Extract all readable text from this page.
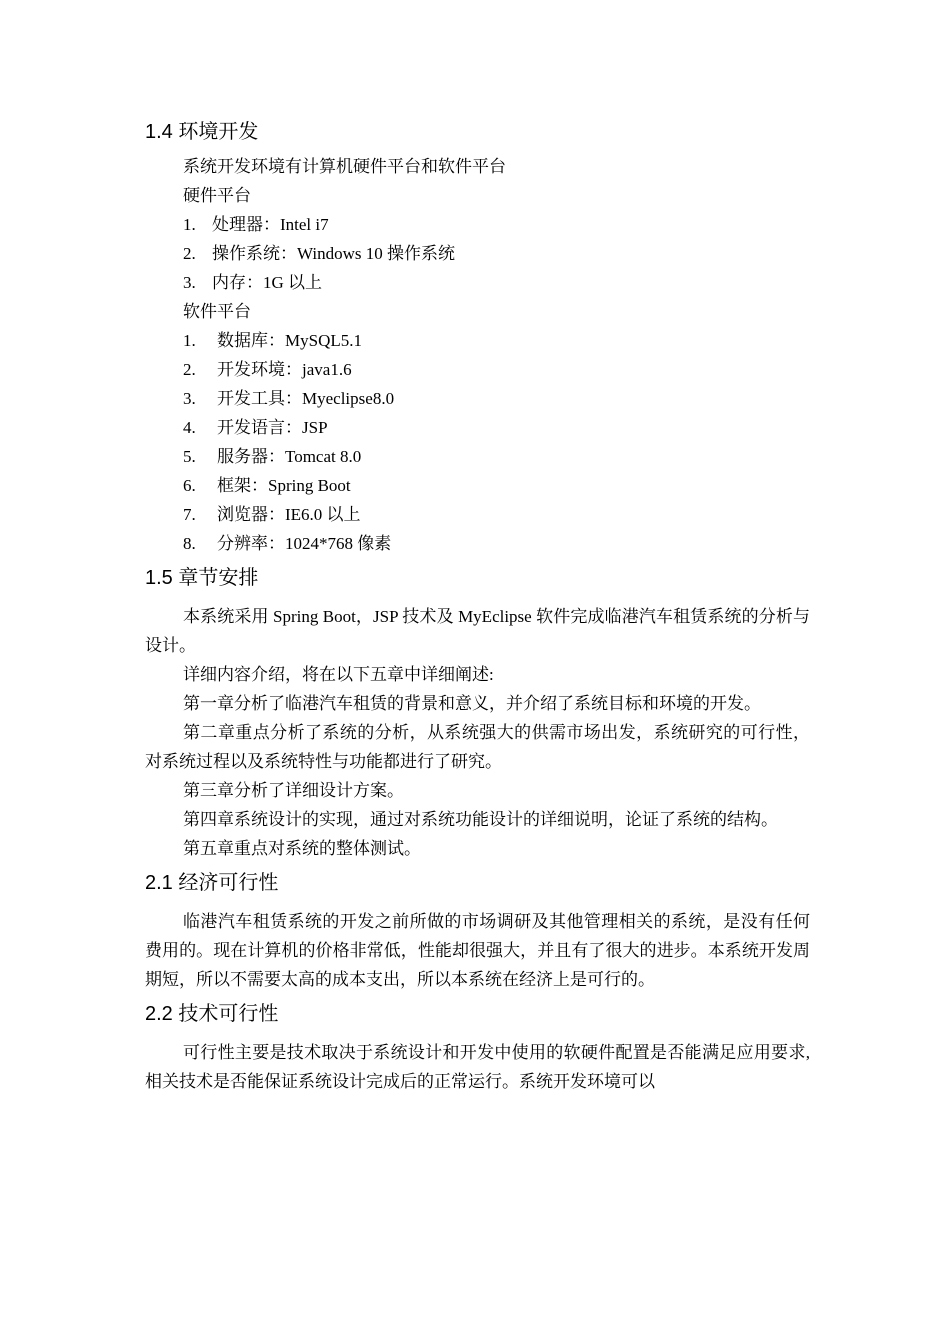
1.4 环境开发

系统开发环境有计算机硬件平台和软件平台

硬件平台

1. 处理器：Intel i7
2. 操作系统：Windows 10 操作系统
3. 内存：1G 以上

软件平台

1.	数据库：MySQL5.1
2.	开发环境：java1.6
3.	开发工具：Myeclipse8.0
4.	开发语言：JSP
5.	服务器：Tomcat 8.0
6.	框架：Spring Boot
7.	浏览器：IE6.0 以上
8.	分辨率：1024*768 像素
1.5 章节安排

本系统采用 Spring Boot，JSP 技术及 MyEclipse 软件完成临港汽车租赁系统的分析与设计。

详细内容介绍，将在以下五章中详细阐述:

第一章分析了临港汽车租赁的背景和意义，并介绍了系统目标和环境的开发。

第二章重点分析了系统的分析，从系统强大的供需市场出发，系统研究的可行性，对系统过程以及系统特性与功能都进行了研究。

第三章分析了详细设计方案。

第四章系统设计的实现，通过对系统功能设计的详细说明，论证了系统的结构。

第五章重点对系统的整体测试。

2.1 经济可行性

临港汽车租赁系统的开发之前所做的市场调研及其他管理相关的系统，是没有任何费用的。现在计算机的价格非常低，性能却很强大，并且有了很大的进步。本系统开发周期短，所以不需要太高的成本支出，所以本系统在经济上是可行的。

2.2 技术可行性

可行性主要是技术取决于系统设计和开发中使用的软硬件配置是否能满足应用要求,相关技术是否能保证系统设计完成后的正常运行。系统开发环境可以
